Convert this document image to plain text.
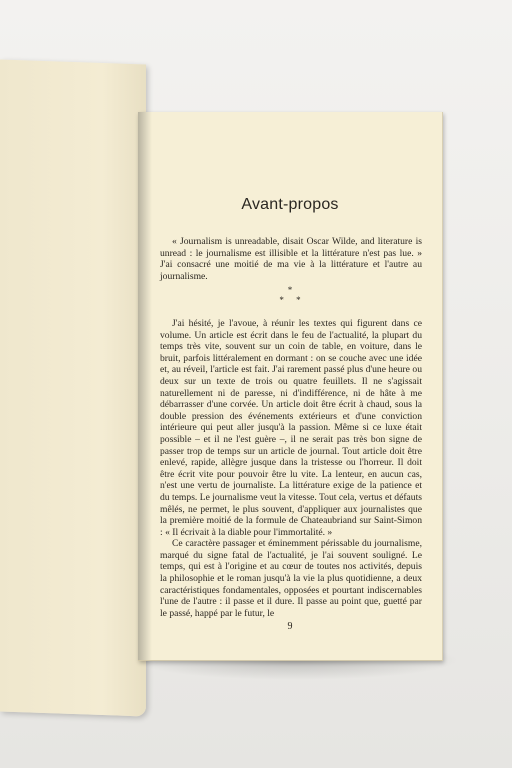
Avant-propos

« Journalism is unreadable, disait Oscar Wilde, and literature is unread : le journalisme est illisible et la littérature n'est pas lue. » J'ai consacré une moitié de ma vie à la littérature et l'autre au journalisme.

*
* *

J'ai hésité, je l'avoue, à réunir les textes qui figurent dans ce volume. Un article est écrit dans le feu de l'actualité, la plupart du temps très vite, souvent sur un coin de table, en voiture, dans le bruit, parfois littéralement en dormant : on se couche avec une idée et, au réveil, l'article est fait. J'ai rarement passé plus d'une heure ou deux sur un texte de trois ou quatre feuillets. Il ne s'agissait naturellement ni de paresse, ni d'indifférence, ni de hâte à me débarrasser d'une corvée. Un article doit être écrit à chaud, sous la double pression des événements extérieurs et d'une conviction intérieure qui peut aller jusqu'à la passion. Même si ce luxe était possible – et il ne l'est guère –, il ne serait pas très bon signe de passer trop de temps sur un article de journal. Tout article doit être enlevé, rapide, allègre jusque dans la tristesse ou l'horreur. Il doit être écrit vite pour pouvoir être lu vite. La lenteur, en aucun cas, n'est une vertu de journaliste. La littérature exige de la patience et du temps. Le journalisme veut la vitesse. Tout cela, vertus et défauts mêlés, ne permet, le plus souvent, d'appliquer aux journalistes que la première moitié de la formule de Chateaubriand sur Saint-Simon : « Il écrivait à la diable pour l'immortalité. »

Ce caractère passager et éminemment périssable du journalisme, marqué du signe fatal de l'actualité, je l'ai souvent souligné. Le temps, qui est à l'origine et au cœur de toutes nos activités, depuis la philosophie et le roman jusqu'à la vie la plus quotidienne, a deux caractéristiques fondamentales, opposées et pourtant indiscernables l'une de l'autre : il passe et il dure. Il passe au point que, guetté par le passé, happé par le futur, le

9
